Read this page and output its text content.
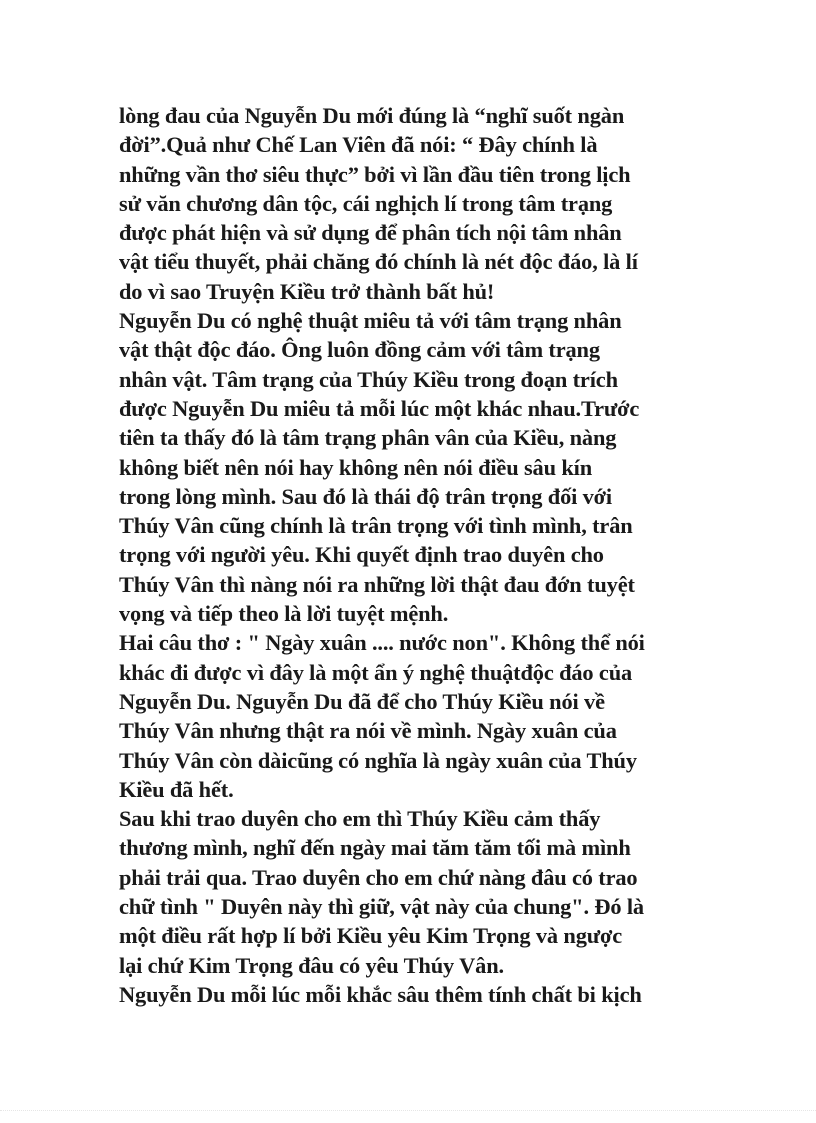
lòng đau của Nguyễn Du mới đúng là “nghĩ suốt ngàn
đời”.Quả như Chế Lan Viên đã nói: “ Đây chính là
những vần thơ siêu thực” bởi vì lần đầu tiên trong lịch
sử văn chương dân tộc, cái nghịch lí trong tâm trạng
được phát hiện và sử dụng để phân tích nội tâm nhân
vật tiểu thuyết, phải chăng đó chính là nét độc đáo, là lí
do vì sao Truyện Kiều trở thành bất hủ!
Nguyễn Du có nghệ thuật miêu tả với tâm trạng nhân
vật thật độc đáo. Ông luôn đồng cảm với tâm trạng
nhân vật. Tâm trạng của Thúy Kiều trong đoạn trích
được Nguyễn Du miêu tả mỗi lúc một khác nhau.Trước
tiên ta thấy đó là tâm trạng phân vân của Kiều, nàng
không biết nên nói hay không nên nói điều sâu kín
trong lòng mình. Sau đó là thái độ trân trọng đối với
Thúy Vân cũng chính là trân trọng với tình mình, trân
trọng với người yêu. Khi quyết định trao duyên cho
Thúy Vân thì nàng nói ra những lời thật đau đớn tuyệt
vọng và tiếp theo là lời tuyệt mệnh.
Hai câu thơ : " Ngày xuân .... nước non". Không thể nói
khác đi được vì đây là một ẩn ý nghệ thuậtđộc đáo của
Nguyễn Du. Nguyễn Du đã để cho Thúy Kiều nói về
Thúy Vân nhưng thật ra nói về mình. Ngày xuân của
Thúy Vân còn dàicũng có nghĩa là ngày xuân của Thúy
Kiều đã hết.
Sau khi trao duyên cho em thì Thúy Kiều cảm thấy
thương mình, nghĩ đến ngày mai tăm tăm tối mà mình
phải trải qua. Trao duyên cho em chứ nàng đâu có trao
chữ tình " Duyên này thì giữ, vật này của chung". Đó là
một điều rất hợp lí bởi Kiều yêu Kim Trọng và ngược
lại chứ Kim Trọng đâu có yêu Thúy Vân.
Nguyễn Du mỗi lúc mỗi khắc sâu thêm tính chất bi kịch
